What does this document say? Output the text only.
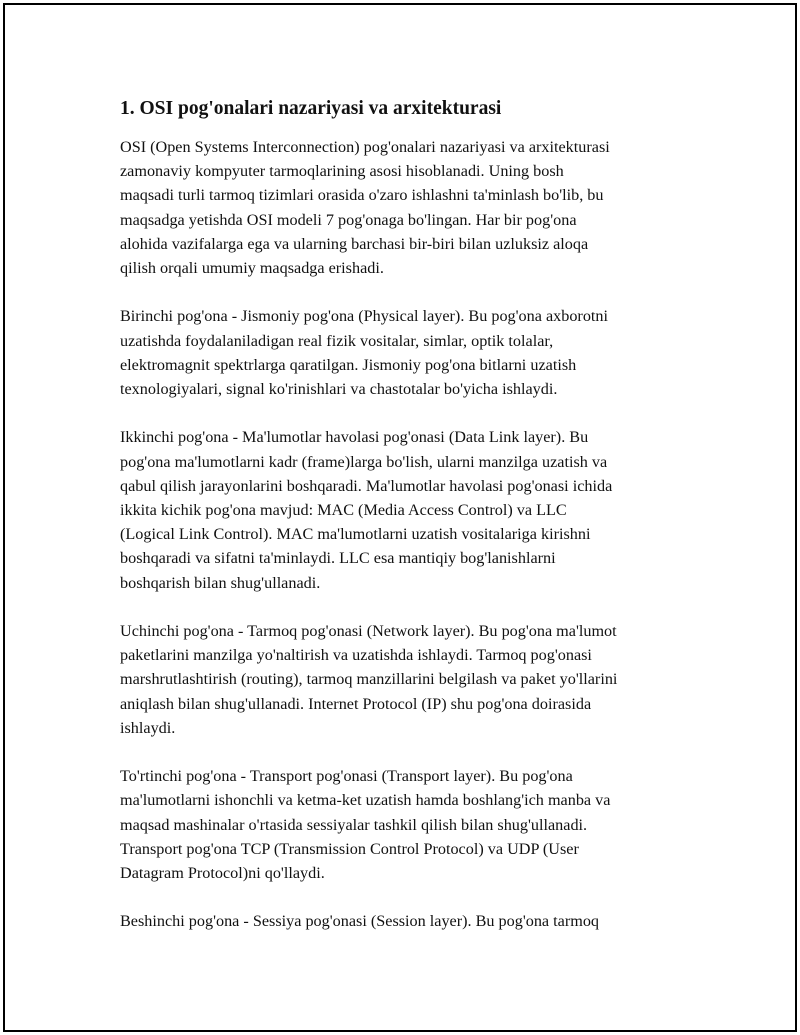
1. OSI pog'onalari nazariyasi va arxitekturasi

OSI (Open Systems Interconnection) pog'onalari nazariyasi va arxitekturasi
zamonaviy kompyuter tarmoqlarining asosi hisoblanadi. Uning bosh
maqsadi turli tarmoq tizimlari orasida o'zaro ishlashni ta'minlash bo'lib, bu
maqsadga yetishda OSI modeli 7 pog'onaga bo'lingan. Har bir pog'ona
alohida vazifalarga ega va ularning barchasi bir-biri bilan uzluksiz aloqa
qilish orqali umumiy maqsadga erishadi.

Birinchi pog'ona - Jismoniy pog'ona (Physical layer). Bu pog'ona axborotni
uzatishda foydalaniladigan real fizik vositalar, simlar, optik tolalar,
elektromagnit spektrlarga qaratilgan. Jismoniy pog'ona bitlarni uzatish
texnologiyalari, signal ko'rinishlari va chastotalar bo'yicha ishlaydi.

Ikkinchi pog'ona - Ma'lumotlar havolasi pog'onasi (Data Link layer). Bu
pog'ona ma'lumotlarni kadr (frame)larga bo'lish, ularni manzilga uzatish va
qabul qilish jarayonlarini boshqaradi. Ma'lumotlar havolasi pog'onasi ichida
ikkita kichik pog'ona mavjud: MAC (Media Access Control) va LLC
(Logical Link Control). MAC ma'lumotlarni uzatish vositalariga kirishni
boshqaradi va sifatni ta'minlaydi. LLC esa mantiqiy bog'lanishlarni
boshqarish bilan shug'ullanadi.

Uchinchi pog'ona - Tarmoq pog'onasi (Network layer). Bu pog'ona ma'lumot
paketlarini manzilga yo'naltirish va uzatishda ishlaydi. Tarmoq pog'onasi
marshrutlashtirish (routing), tarmoq manzillarini belgilash va paket yo'llarini
aniqlash bilan shug'ullanadi. Internet Protocol (IP) shu pog'ona doirasida
ishlaydi.

To'rtinchi pog'ona - Transport pog'onasi (Transport layer). Bu pog'ona
ma'lumotlarni ishonchli va ketma-ket uzatish hamda boshlang'ich manba va
maqsad mashinalar o'rtasida sessiyalar tashkil qilish bilan shug'ullanadi.
Transport pog'ona TCP (Transmission Control Protocol) va UDP (User
Datagram Protocol)ni qo'llaydi.

Beshinchi pog'ona - Sessiya pog'onasi (Session layer). Bu pog'ona tarmoq
